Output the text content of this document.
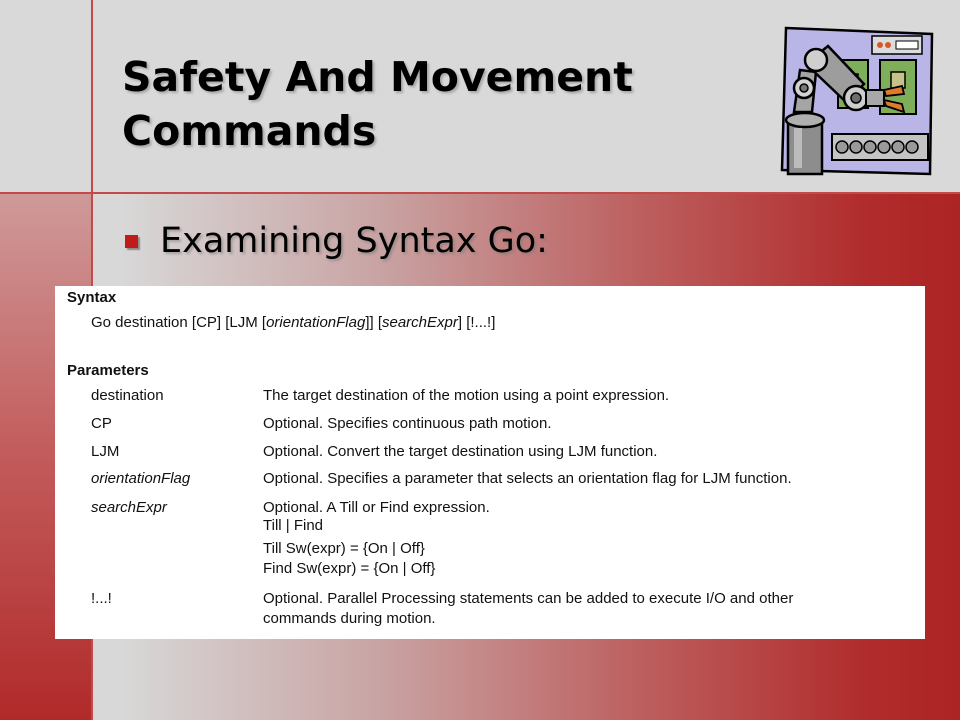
Safety And Movement
Commands
Examining Syntax Go:
Syntax
Go destination [CP] [LJM [orientationFlag]] [searchExpr] [!...!]
Parameters
destination	The target destination of the motion using a point expression.
CP	Optional. Specifies continuous path motion.
LJM	Optional. Convert the target destination using LJM function.
orientationFlag	Optional. Specifies a parameter that selects an orientation flag for LJM function.
searchExpr	Optional. A Till or Find expression.
Till | Find
Till Sw(expr) = {On | Off}
Find Sw(expr) = {On | Off}
!...!	Optional. Parallel Processing statements can be added to execute I/O and other
commands during motion.
